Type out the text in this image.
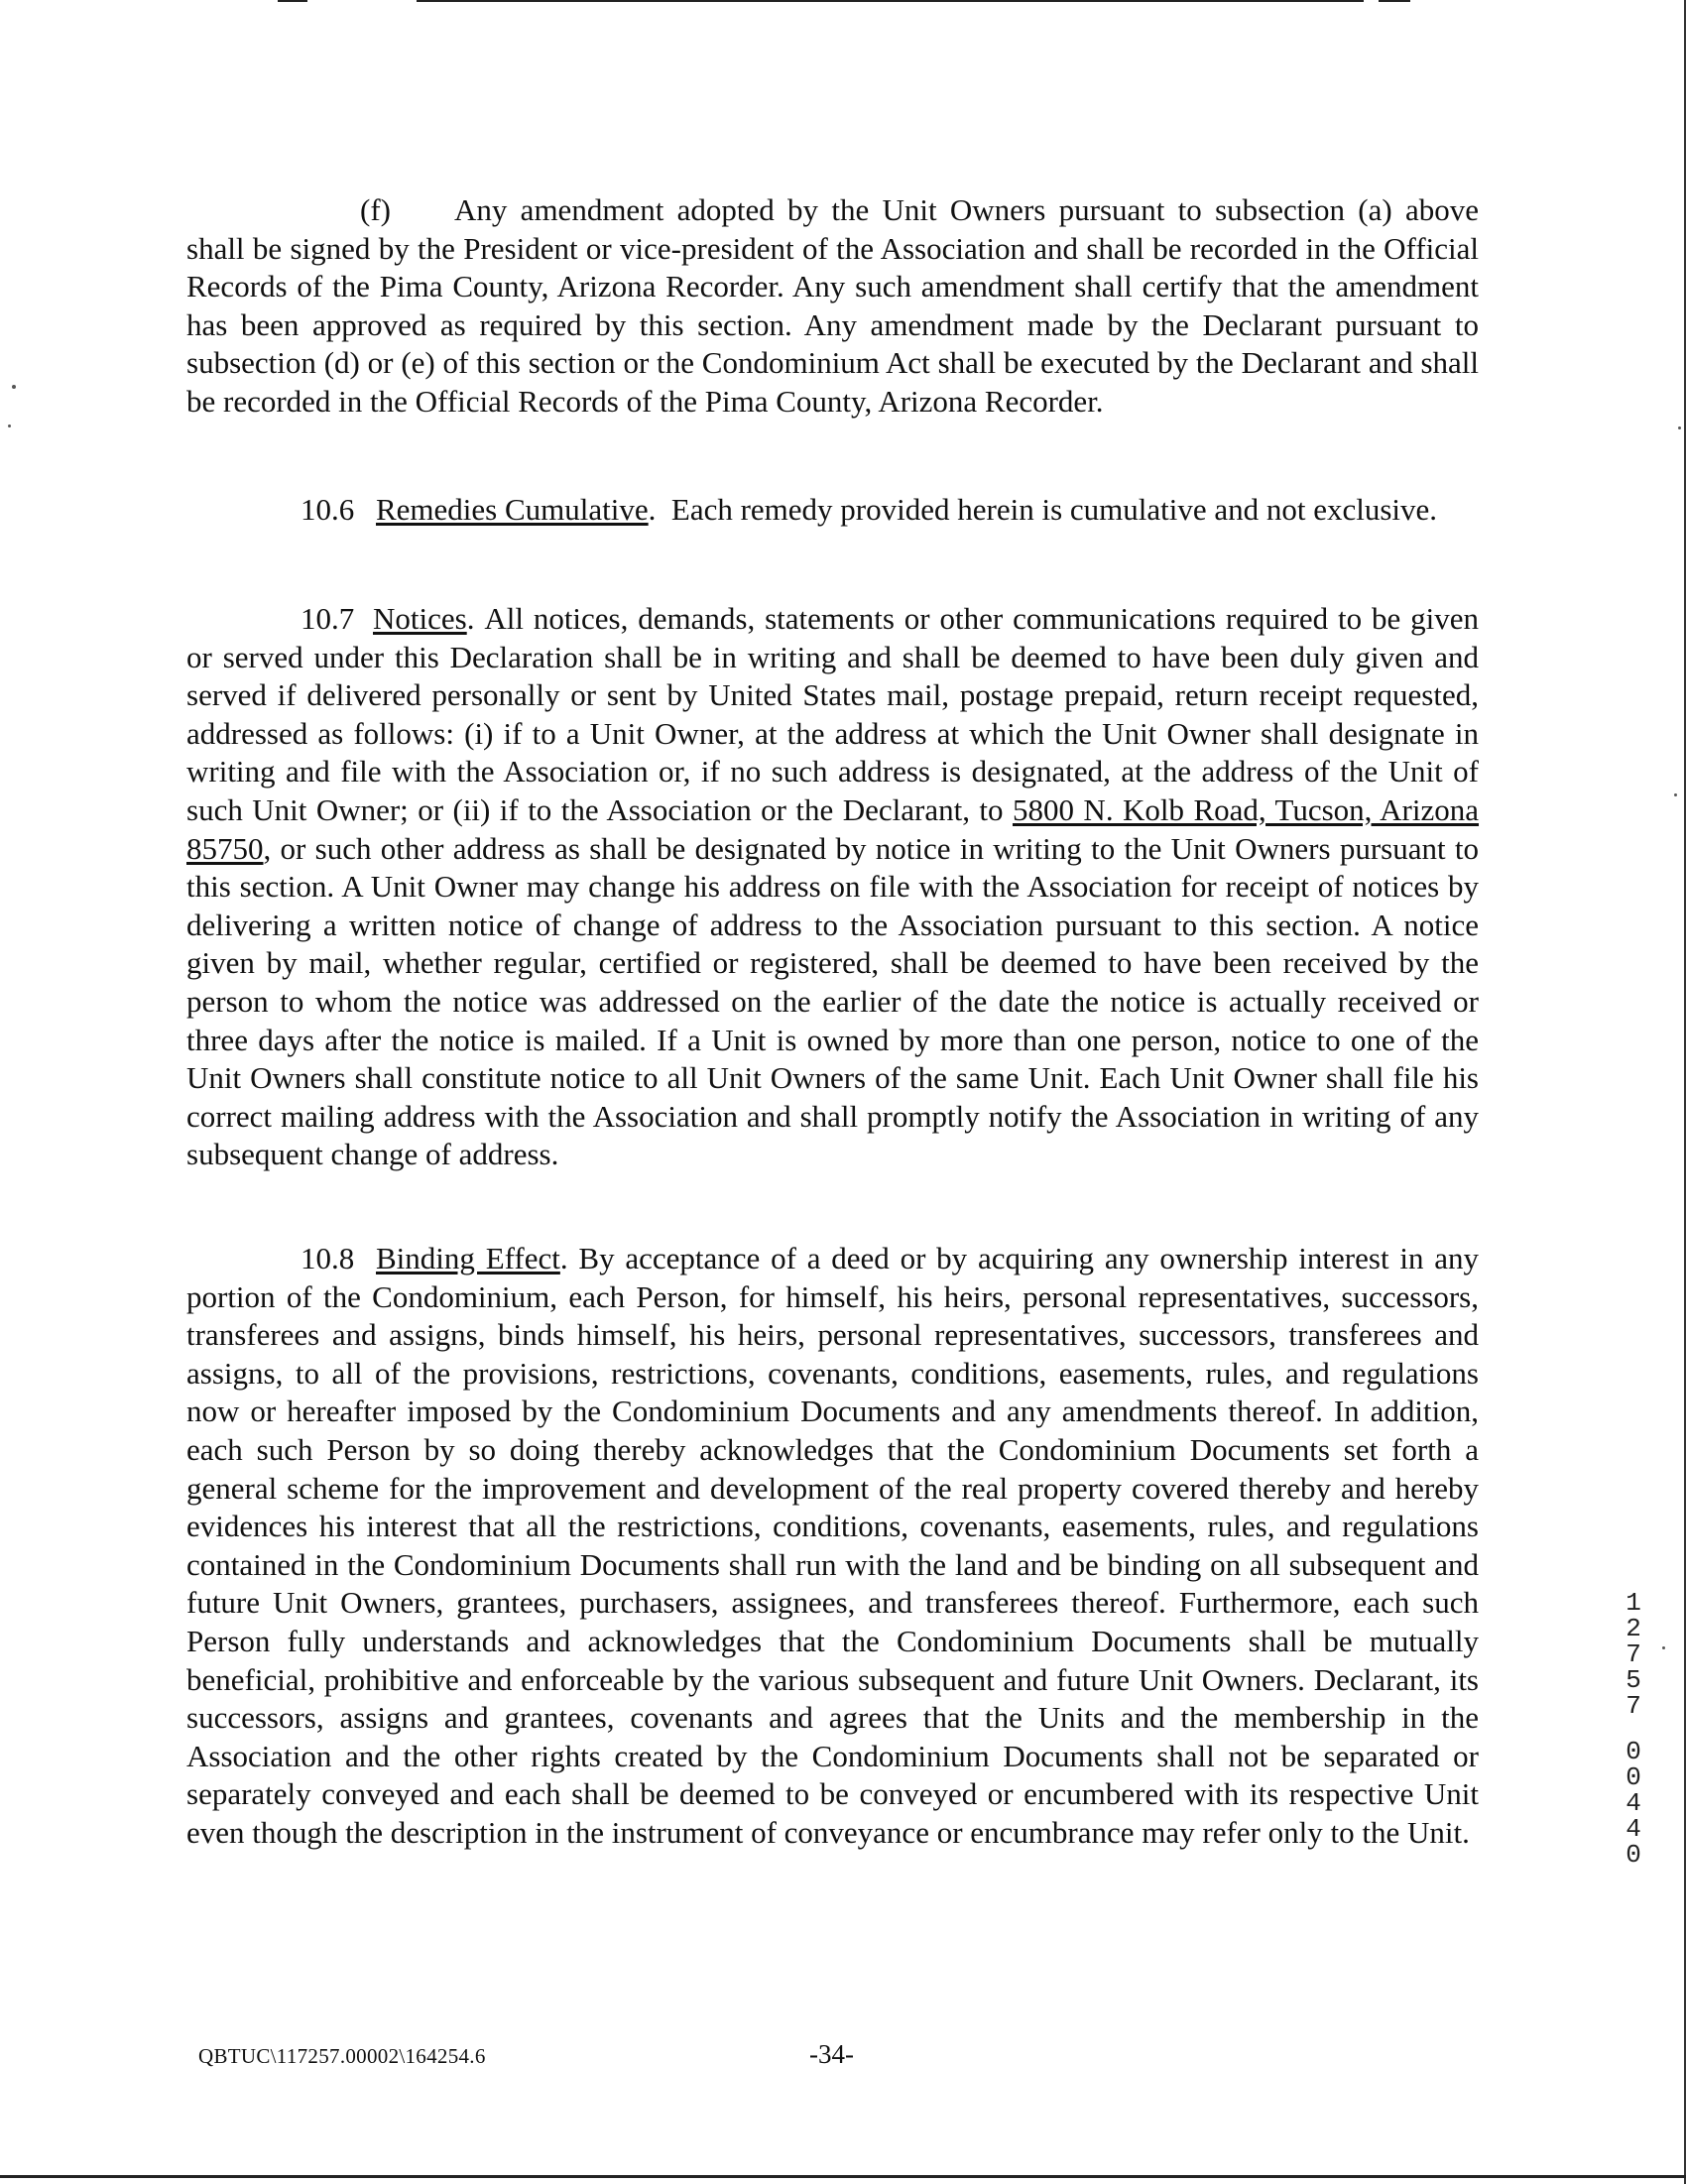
(f) Any amendment adopted by the Unit Owners pursuant to subsection (a) above shall be signed by the President or vice-president of the Association and shall be recorded in the Official Records of the Pima County, Arizona Recorder. Any such amendment shall certify that the amendment has been approved as required by this section. Any amendment made by the Declarant pursuant to subsection (d) or (e) of this section or the Condominium Act shall be executed by the Declarant and shall be recorded in the Official Records of the Pima County, Arizona Recorder.

10.6 Remedies Cumulative.  Each remedy provided herein is cumulative and not exclusive.

10.7 Notices. All notices, demands, statements or other communications required to be given or served under this Declaration shall be in writing and shall be deemed to have been duly given and served if delivered personally or sent by United States mail, postage prepaid, return receipt requested, addressed as follows: (i) if to a Unit Owner, at the address at which the Unit Owner shall designate in writing and file with the Association or, if no such address is designated, at the address of the Unit of such Unit Owner; or (ii) if to the Association or the Declarant, to 5800 N. Kolb Road, Tucson, Arizona 85750, or such other address as shall be designated by notice in writing to the Unit Owners pursuant to this section. A Unit Owner may change his address on file with the Association for receipt of notices by delivering a written notice of change of address to the Association pursuant to this section. A notice given by mail, whether regular, certified or registered, shall be deemed to have been received by the person to whom the notice was addressed on the earlier of the date the notice is actually received or three days after the notice is mailed. If a Unit is owned by more than one person, notice to one of the Unit Owners shall constitute notice to all Unit Owners of the same Unit. Each Unit Owner shall file his correct mailing address with the Association and shall promptly notify the Association in writing of any subsequent change of address.

10.8 Binding Effect. By acceptance of a deed or by acquiring any ownership interest in any portion of the Condominium, each Person, for himself, his heirs, personal representatives, successors, transferees and assigns, binds himself, his heirs, personal representatives, successors, transferees and assigns, to all of the provisions, restrictions, covenants, conditions, easements, rules, and regulations now or hereafter imposed by the Condominium Documents and any amendments thereof. In addition, each such Person by so doing thereby acknowledges that the Condominium Documents set forth a general scheme for the improvement and development of the real property covered thereby and hereby evidences his interest that all the restrictions, conditions, covenants, easements, rules, and regulations contained in the Condominium Documents shall run with the land and be binding on all subsequent and future Unit Owners, grantees, purchasers, assignees, and transferees thereof. Furthermore, each such Person fully understands and acknowledges that the Condominium Documents shall be mutually beneficial, prohibitive and enforceable by the various subsequent and future Unit Owners. Declarant, its successors, assigns and grantees, covenants and agrees that the Units and the membership in the Association and the other rights created by the Condominium Documents shall not be separated or separately conveyed and each shall be deemed to be conveyed or encumbered with its respective Unit even though the description in the instrument of conveyance or encumbrance may refer only to the Unit.

1
2
7
5
7
0
0
4
4
0
QBTUC\117257.00002\164254.6	-34-
